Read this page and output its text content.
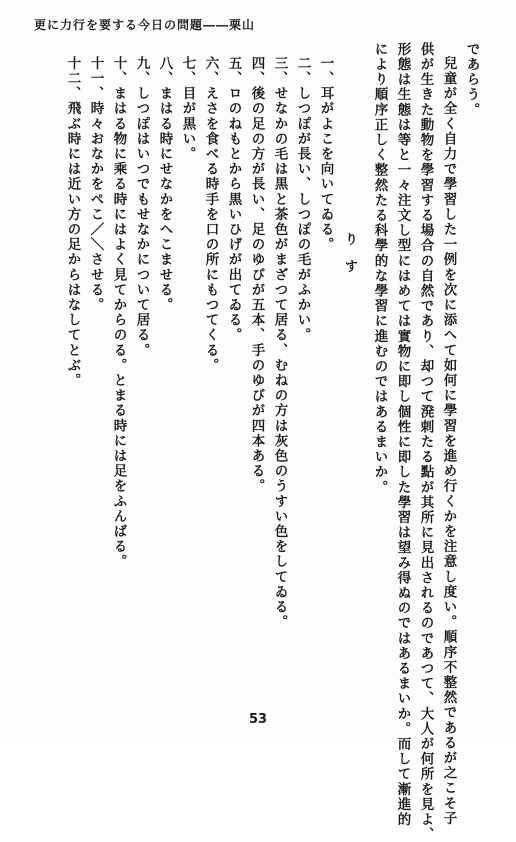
更に力行を要する今日の問題――栗山
であらう。
兒童が全く自力で學習した一例を次に添へて如何に學習を進め行くかを注意し度い。順序不整然であるが之こそ子
供が生きた動物を學習する場合の自然であり、却つて溌剌たる點が其所に見出されるのであつて、大人が何所を見よ、
形態は生態は等と一々注文し型にはめては實物に即し個性に即した學習は望み得ぬのではあるまいか。而して漸進的
により順序正しく整然たる科學的な學習に進むのではあるまいか。
り　す
一、耳がよこを向いてゐる。
二、しつぽが長い、しつぽの毛がふかい。
三、せなかの毛は黒と茶色がまざつて居る、むねの方は灰色のうすい色をしてゐる。
四、後の足の方が長い、足のゆびが五本、手のゆびが四本ある。
五、ロのねもとから黒いひげが出てゐる。
六、えさを食べる時手を口の所にもつてくる。
七、目が黒い。
八、まはる時にせなかをへこませる。
九、しつぽはいつでもせなかについて居る。
十、まはる物に乘る時にはよく見てからのる。とまる時には足をふんばる。
十一、時々おなかをぺこ／＼させる。
十二、飛ぶ時には近い方の足からはなしてとぶ。
53
